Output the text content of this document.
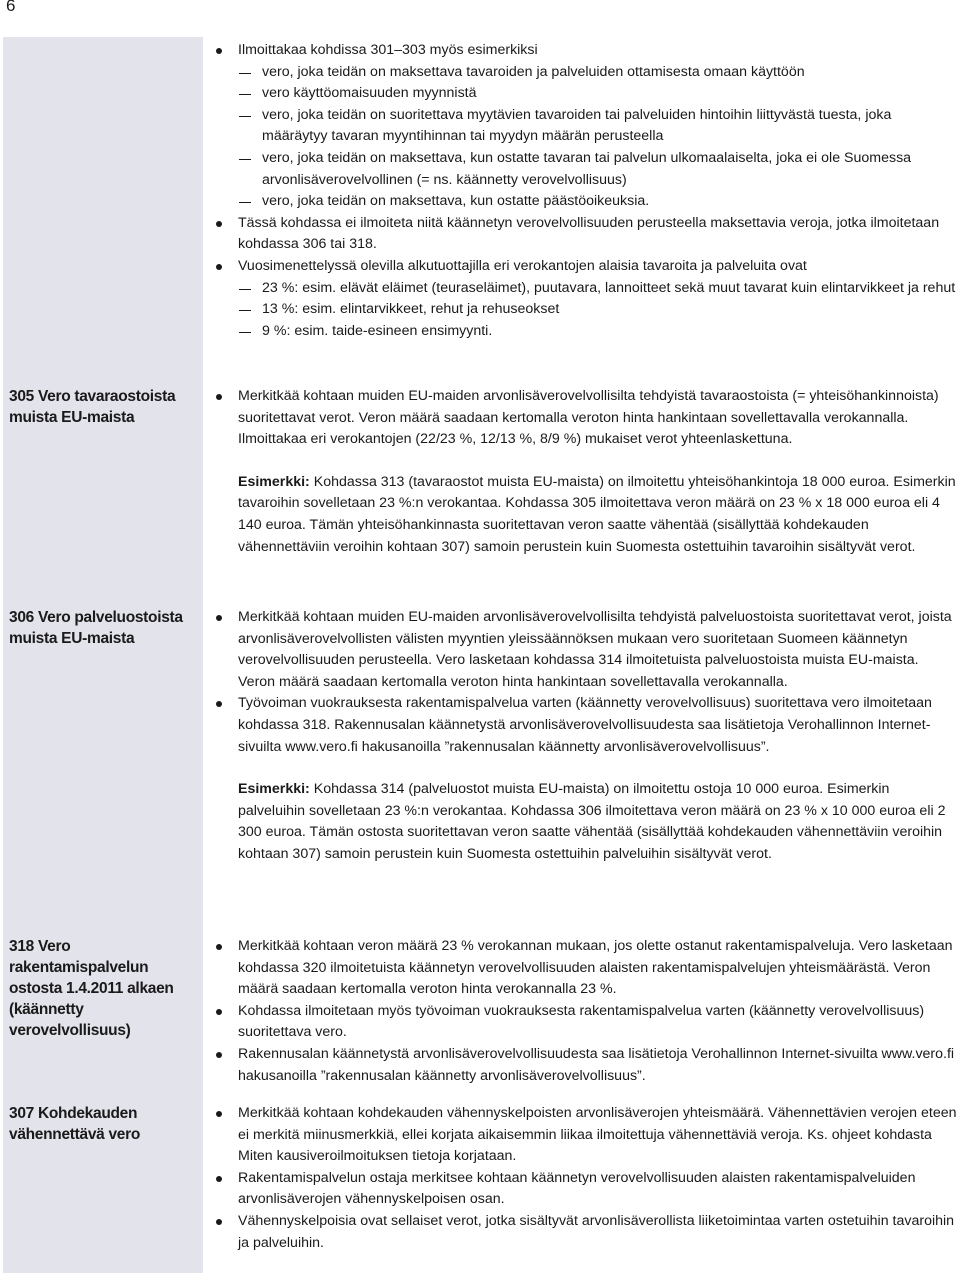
6
305 Vero tavaraostoista muista EU-maista
306 Vero palveluostoista muista EU-maista
318 Vero rakentamispalvelun ostosta 1.4.2011 alkaen (käännetty verovelvollisuus)
307 Kohdekauden vähennettävä vero

Ilmoittakaa kohdissa 301–303 myös esimerkiksi

vero, joka teidän on maksettava tavaroiden ja palveluiden ottamisesta omaan käyttöön

vero käyttöomaisuuden myynnistä

vero, joka teidän on suoritettava myytävien tavaroiden tai palveluiden hintoihin liittyvästä tuesta, joka määräytyy tavaran myyntihinnan tai myydyn määrän perusteella

vero, joka teidän on maksettava, kun ostatte tavaran tai palvelun ulkomaalaiselta, joka ei ole Suomessa arvonlisäverovelvollinen (= ns. käännetty verovelvollisuus)

vero, joka teidän on maksettava, kun ostatte päästöoikeuksia.

Tässä kohdassa ei ilmoiteta niitä käännetyn verovelvollisuuden perusteella maksettavia veroja, jotka ilmoitetaan kohdassa 306 tai 318.

Vuosimenettelyssä olevilla alkutuottajilla eri verokantojen alaisia tavaroita ja palveluita ovat

23 %: esim. elävät eläimet (teuraseläimet), puutavara, lannoitteet sekä muut tavarat kuin elintarvikkeet ja rehut

13 %: esim. elintarvikkeet, rehut ja rehuseokset

9 %: esim. taide-esineen ensimyynti.

Merkitkää kohtaan muiden EU-maiden arvonlisäverovelvollisilta tehdyistä tavaraostoista (= yhteisöhankinnoista) suoritettavat verot. Veron määrä saadaan kertomalla veroton hinta hankintaan sovellettavalla verokannalla. Ilmoittakaa eri verokantojen (22/23 %, 12/13 %, 8/9 %) mukaiset verot yhteenlaskettuna.

Esimerkki: Kohdassa 313 (tavaraostot muista EU-maista) on ilmoitettu yhteisöhankintoja 18 000 euroa. Esimerkin tavaroihin sovelletaan 23 %:n verokantaa. Kohdassa 305 ilmoitettava veron määrä on 23 % x 18 000 euroa eli 4 140 euroa. Tämän yhteisöhankinnasta suoritettavan veron saatte vähentää (sisällyttää kohdekauden vähennettäviin veroihin kohtaan 307) samoin perustein kuin Suomesta ostettuihin tavaroihin sisältyvät verot.

Merkitkää kohtaan muiden EU-maiden arvonlisäverovelvollisilta tehdyistä palveluostoista suoritettavat verot, joista arvonlisäverovelvollisten välisten myyntien yleissäännöksen mukaan vero suoritetaan Suomeen käännetyn verovelvollisuuden perusteella. Vero lasketaan kohdassa 314 ilmoitetuista palveluostoista muista EU-maista. Veron määrä saadaan kertomalla veroton hinta hankintaan sovellettavalla verokannalla.

Työvoiman vuokrauksesta rakentamispalvelua varten (käännetty verovelvollisuus) suoritettava vero ilmoitetaan kohdassa 318. Rakennusalan käännetystä arvonlisäverovelvollisuudesta saa lisätietoja Verohallinnon Internet-sivuilta www.vero.fi hakusanoilla ”rakennusalan käännetty arvonlisäverovelvollisuus”.

Esimerkki: Kohdassa 314 (palveluostot muista EU-maista) on ilmoitettu ostoja 10 000 euroa. Esimerkin palveluihin sovelletaan 23 %:n verokantaa. Kohdassa 306 ilmoitettava veron määrä on 23 % x 10 000 euroa eli 2 300 euroa. Tämän ostosta suoritettavan veron saatte vähentää (sisällyttää kohdekauden vähennettäviin veroihin kohtaan 307) samoin perustein kuin Suomesta ostettuihin palveluihin sisältyvät verot.

Merkitkää kohtaan veron määrä 23 % verokannan mukaan, jos olette ostanut rakentamispalveluja. Vero lasketaan kohdassa 320 ilmoitetuista käännetyn verovelvollisuuden alaisten rakentamispalvelujen yhteismäärästä. Veron määrä saadaan kertomalla veroton hinta verokannalla 23 %.

Kohdassa ilmoitetaan myös työvoiman vuokrauksesta rakentamispalvelua varten (käännetty verovelvollisuus) suoritettava vero.

Rakennusalan käännetystä arvonlisäverovelvollisuudesta saa lisätietoja Verohallinnon Internet-sivuilta www.vero.fi hakusanoilla ”rakennusalan käännetty arvonlisäverovelvollisuus”.

Merkitkää kohtaan kohdekauden vähennyskelpoisten arvonlisäverojen yhteismäärä. Vähennettävien verojen eteen ei merkitä miinusmerkkiä, ellei korjata aikaisemmin liikaa ilmoitettuja vähennettäviä veroja. Ks. ohjeet kohdasta Miten kausiveroilmoituksen tietoja korjataan.

Rakentamispalvelun ostaja merkitsee kohtaan käännetyn verovelvollisuuden alaisten rakentamispalveluiden arvonlisäverojen vähennyskelpoisen osan.

Vähennyskelpoisia ovat sellaiset verot, jotka sisältyvät arvonlisäverollista liiketoimintaa varten ostetuihin tavaroihin ja palveluihin.
